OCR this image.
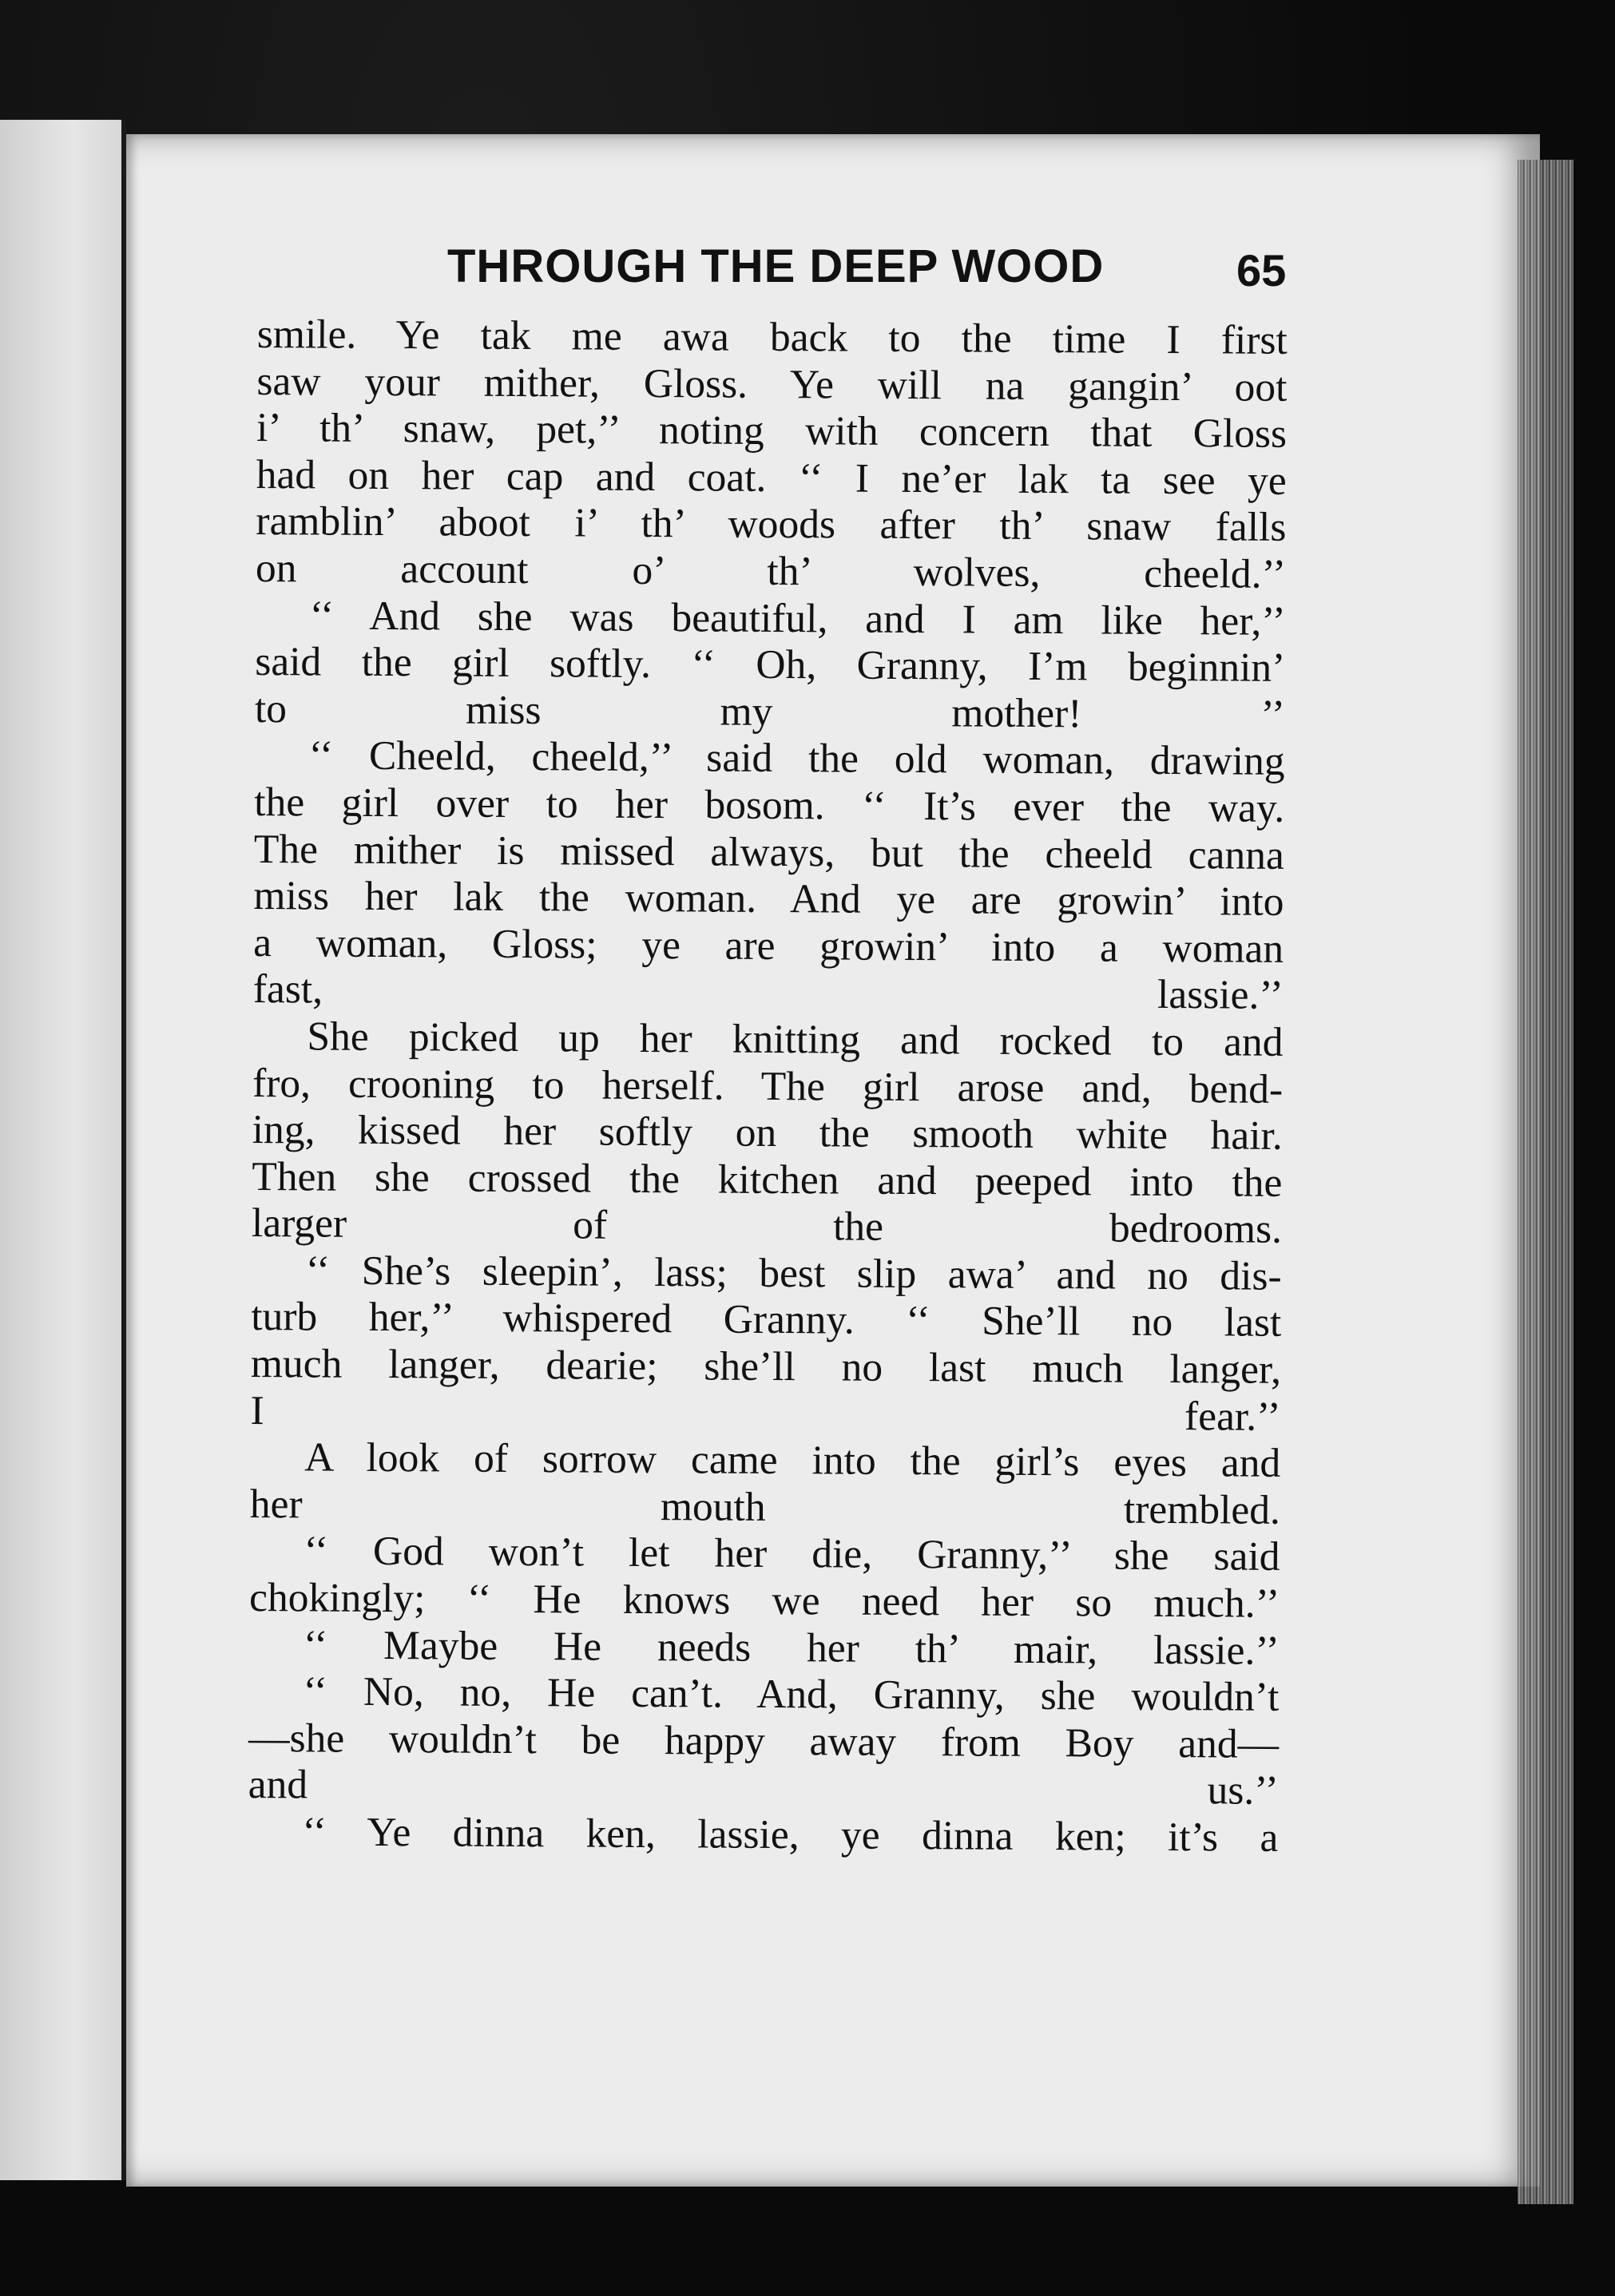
THROUGH THE DEEP WOOD	65
smile. Ye tak me awa back to the time I first
saw your mither, Gloss. Ye will na gangin’ oot
i’ th’ snaw, pet,’’ noting with concern that Gloss
had on her cap and coat. ‘‘ I ne’er lak ta see ye
ramblin’ aboot i’ th’ woods after th’ snaw falls
on account o’ th’ wolves, cheeld.’’
‘‘ And she was beautiful, and I am like her,’’
said the girl softly. ‘‘ Oh, Granny, I’m beginnin’
to miss my mother! ’’
‘‘ Cheeld, cheeld,’’ said the old woman, drawing
the girl over to her bosom. ‘‘ It’s ever the way.
The mither is missed always, but the cheeld canna
miss her lak the woman. And ye are growin’ into
a woman, Gloss; ye are growin’ into a woman
fast, lassie.’’
She picked up her knitting and rocked to and
fro, crooning to herself. The girl arose and, bend-
ing, kissed her softly on the smooth white hair.
Then she crossed the kitchen and peeped into the
larger of the bedrooms.
‘‘ She’s sleepin’, lass; best slip awa’ and no dis-
turb her,’’ whispered Granny. ‘‘ She’ll no last
much langer, dearie; she’ll no last much langer,
I fear.’’
A look of sorrow came into the girl’s eyes and
her mouth trembled.
‘‘ God won’t let her die, Granny,’’ she said
chokingly; ‘‘ He knows we need her so much.’’
‘‘ Maybe He needs her th’ mair, lassie.’’
‘‘ No, no, He can’t. And, Granny, she wouldn’t
—she wouldn’t be happy away from Boy and—
and us.’’
‘‘ Ye dinna ken, lassie, ye dinna ken; it’s a
